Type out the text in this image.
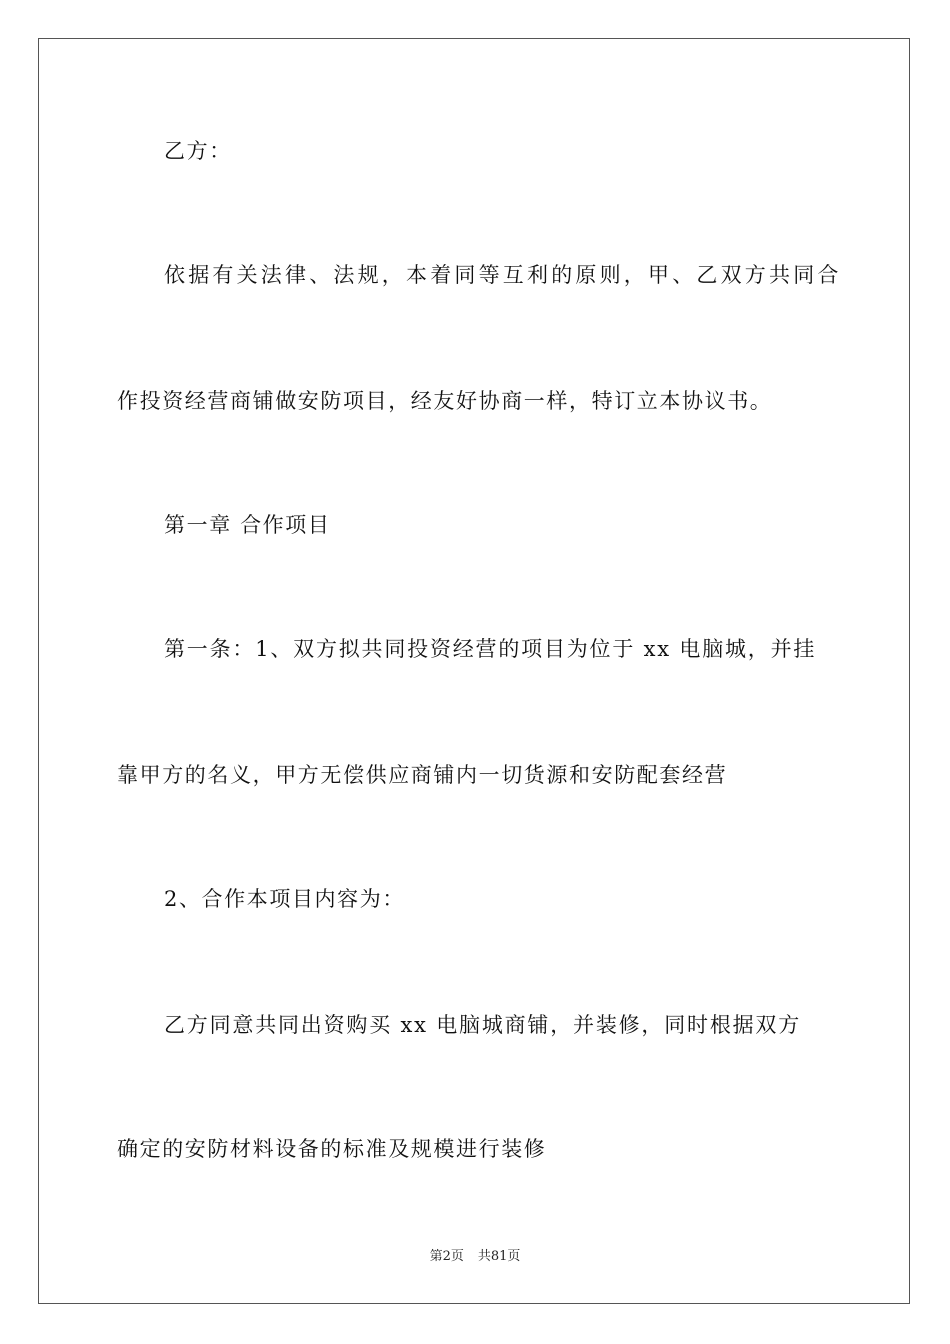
乙方：
依据有关法律、法规，本着同等互利的原则，甲、乙双方共同合
作投资经营商铺做安防项目，经友好协商一样，特订立本协议书。
第一章 合作项目
第一条：1、双方拟共同投资经营的项目为位于 xx 电脑城，并挂
靠甲方的名义，甲方无偿供应商铺内一切货源和安防配套经营
2、合作本项目内容为：
乙方同意共同出资购买 xx 电脑城商铺，并装修，同时根据双方
确定的安防材料设备的标准及规模进行装修
第2页 共81页
